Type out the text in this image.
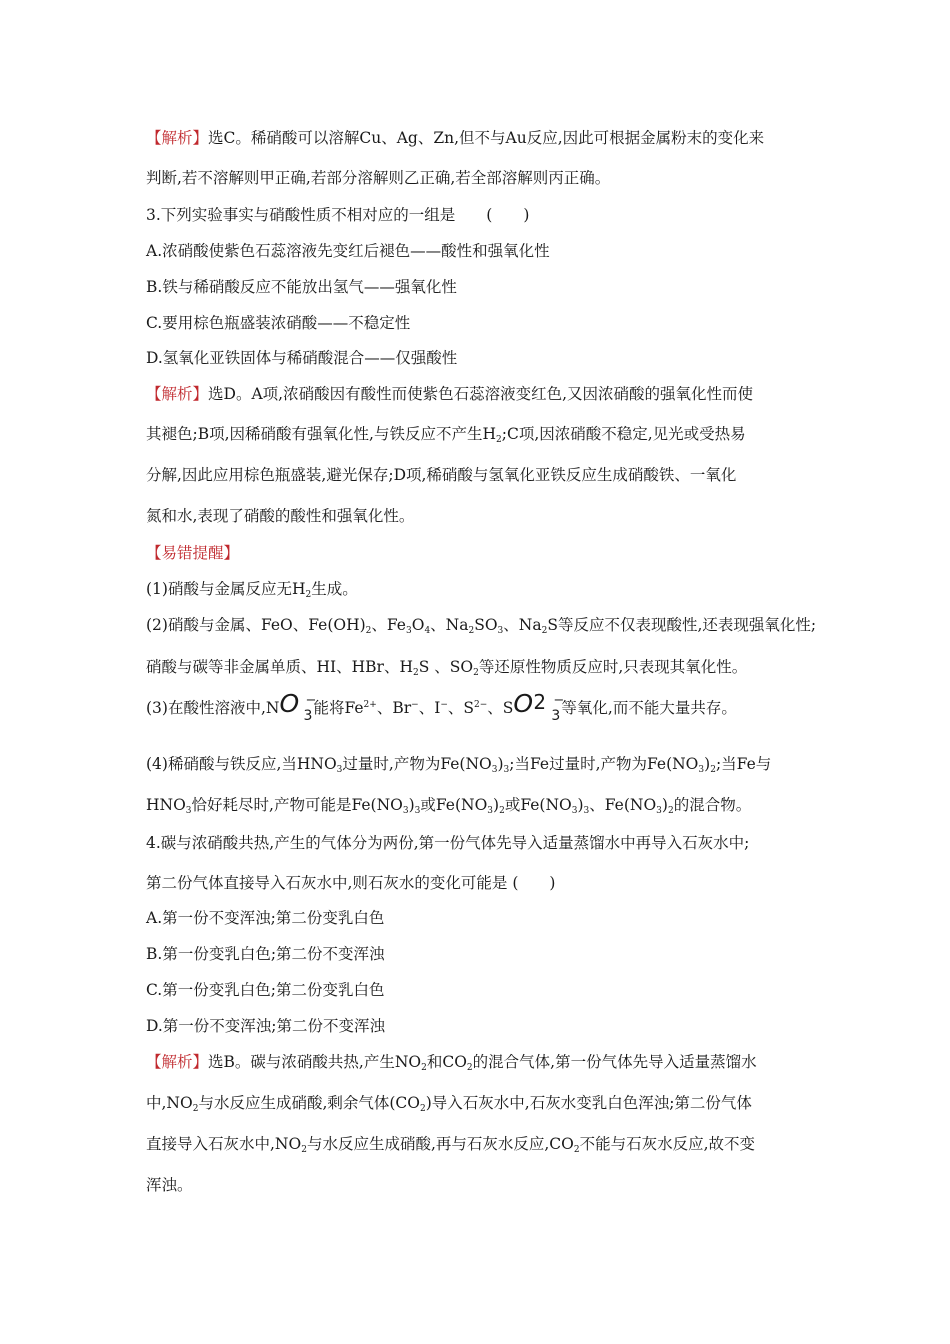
【解析】选C。稀硝酸可以溶解Cu、Ag、Zn,但不与Au反应,因此可根据金属粉末的变化来
判断,若不溶解则甲正确,若部分溶解则乙正确,若全部溶解则丙正确。
3.下列实验事实与硝酸性质不相对应的一组是　　(　　)
A.浓硝酸使紫色石蕊溶液先变红后褪色——酸性和强氧化性
B.铁与稀硝酸反应不能放出氢气——强氧化性
C.要用棕色瓶盛装浓硝酸——不稳定性
D.氢氧化亚铁固体与稀硝酸混合——仅强酸性
【解析】选D。A项,浓硝酸因有酸性而使紫色石蕊溶液变红色,又因浓硝酸的强氧化性而使
其褪色;B项,因稀硝酸有强氧化性,与铁反应不产生$H_2;C$项,因浓硝酸不稳定,见光或受热易
分解,因此应用棕色瓶盛装,避光保存;D项,稀硝酸与氢氧化亚铁反应生成硝酸铁、一氧化
氮和水,表现了硝酸的酸性和强氧化性。
【易错提醒】
(1)硝酸与金属反应无$H_2$生成。
(2)硝酸与金属、FeO、$Fe(OH)_2$、$Fe_3O_4$、$Na_2SO_3$、$Na_2S$等反应不仅表现酸性,还表现强氧化性;
硝酸与碳等非金属单质、HI、HBr、$H_2S$ 、$SO_2$等还原性物质反应时,只表现其氧化性。
(3)在酸性溶液中,N O −
3 能将$Fe^{2+}$、Br−、I−、$S^{2-}$、S O 2 −
3 等氧化,而不能大量共存。
(4)稀硝酸与铁反应,当$HNO_3$过量时,产物为$Fe(NO_3)_3$;当Fe过量时,产物为$Fe(NO_3)_2$;当Fe与
$HNO_3$恰好耗尽时,产物可能是$Fe(NO_3)_3$或$Fe(NO_3)_2$或$Fe(NO_3)_3$、$Fe(NO_3)_2$的混合物。
4.碳与浓硝酸共热,产生的气体分为两份,第一份气体先导入适量蒸馏水中再导入石灰水中;
第二份气体直接导入石灰水中,则石灰水的变化可能是 (　　)
A.第一份不变浑浊;第二份变乳白色
B.第一份变乳白色;第二份不变浑浊
C.第一份变乳白色;第二份变乳白色
D.第一份不变浑浊;第二份不变浑浊
【解析】选B。碳与浓硝酸共热,产生$NO_2$和$CO_2$的混合气体,第一份气体先导入适量蒸馏水
中$,NO_2$与水反应生成硝酸,剩余气体$(CO_2)$导入石灰水中,石灰水变乳白色浑浊;第二份气体
直接导入石灰水中$,NO_2$与水反应生成硝酸,再与石灰水反应$,CO_2$不能与石灰水反应,故不变
浑浊。
